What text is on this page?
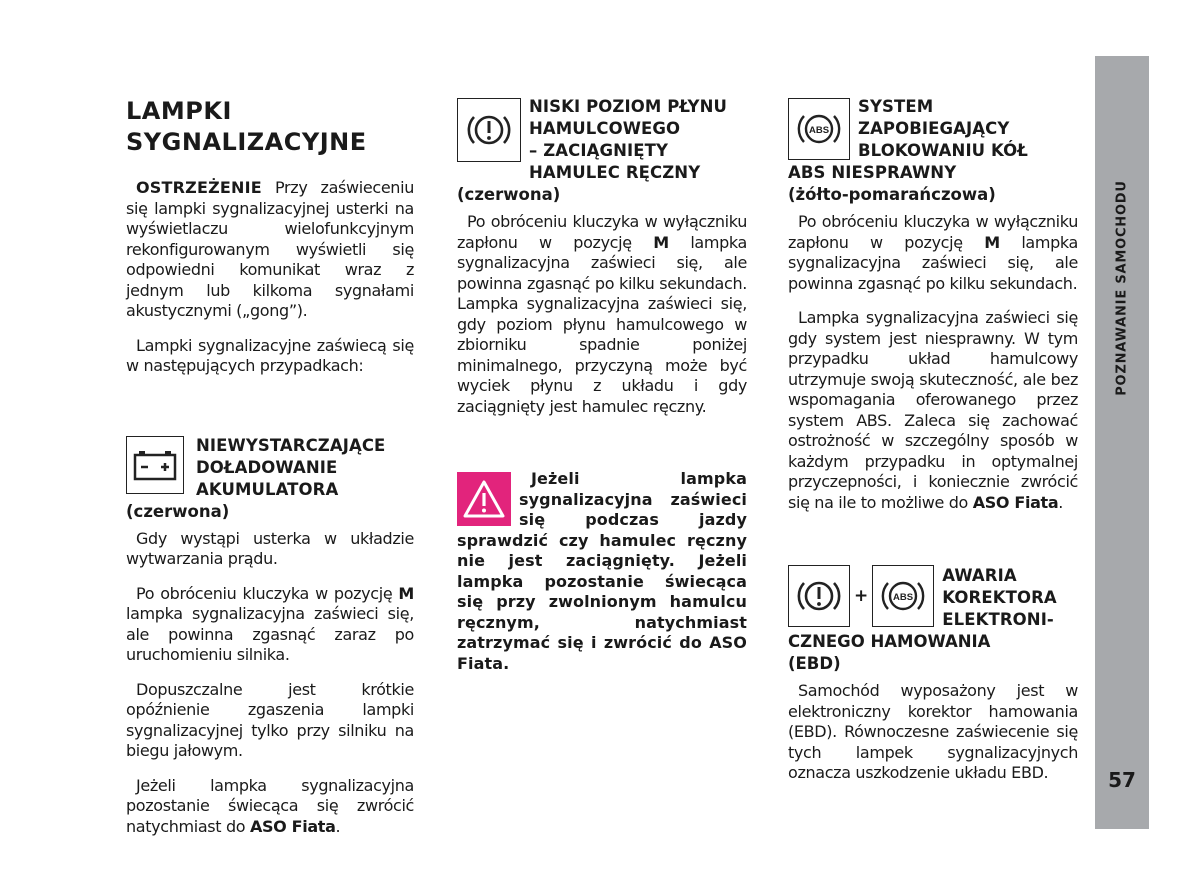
LAMPKI
SYGNALIZACYJNE

OSTRZEŻENIE Przy zaświeceniu się lampki sygnalizacyjnej usterki na wyświetlaczu wielofunkcyjnym rekonfigurowanym wyświetli się odpowiedni komunikat wraz z jednym lub kilkoma sygnałami akustycznymi („gong”).

Lampki sygnalizacyjne zaświecą się w następujących przypadkach:

NIEWYSTARCZAJĄCE
DOŁADOWANIE
AKUMULATORA
(czerwona)

Gdy wystąpi usterka w układzie wytwarzania prądu.

Po obróceniu kluczyka w pozycję M lampka sygnalizacyjna zaświeci się, ale powinna zgasnąć zaraz po uruchomieniu silnika.

Dopuszczalne jest krótkie opóźnienie zgaszenia lampki sygnalizacyjnej tylko przy silniku na biegu jałowym.

Jeżeli lampka sygnalizacyjna pozostanie świecąca się zwrócić natychmiast do ASO Fiata.

NISKI POZIOM PŁYNU
HAMULCOWEGO
– ZACIĄGNIĘTY
HAMULEC RĘCZNY
(czerwona)

Po obróceniu kluczyka w wyłączniku zapłonu w pozycję M lampka sygnalizacyjna zaświeci się, ale powinna zgasnąć po kilku sekundach. Lampka sygnalizacyjna zaświeci się, gdy poziom płynu hamulcowego w zbiorniku spadnie poniżej minimalnego, przyczyną może być wyciek płynu z układu i gdy zaciągnięty jest hamulec ręczny.

Jeżeli lampka sygnalizacyjna zaświeci się podczas jazdy sprawdzić czy hamulec ręczny nie jest zaciągnięty. Jeżeli lampka pozostanie świecąca się przy zwolnionym hamulcu ręcznym, natychmiast zatrzymać się i zwrócić do ASO Fiata.

ABS
SYSTEM
ZAPOBIEGAJĄCY
BLOKOWANIU KÓŁ
ABS NIESPRAWNY
(żółto-pomarańczowa)

Po obróceniu kluczyka w wyłączniku zapłonu w pozycję M lampka sygnalizacyjna zaświeci się, ale powinna zgasnąć po kilku sekundach.

Lampka sygnalizacyjna zaświeci się gdy system jest niesprawny. W tym przypadku układ hamulcowy utrzymuje swoją skuteczność, ale bez wspomagania oferowanego przez system ABS. Zaleca się zachować ostrożność w szczególny sposób w każdym przypadku in optymalnej przyczepności, i koniecznie zwrócić się na ile to możliwe do ASO Fiata.

+	ABS
AWARIA
KOREKTORA
ELEKTRONI-
CZNEGO HAMOWANIA
(EBD)

Samochód wyposażony jest w elektroniczny korektor hamowania (EBD). Równoczesne zaświecenie się tych lampek sygnalizacyjnych oznacza uszkodzenie układu EBD.

POZNAWANIE SAMOCHODU
57
